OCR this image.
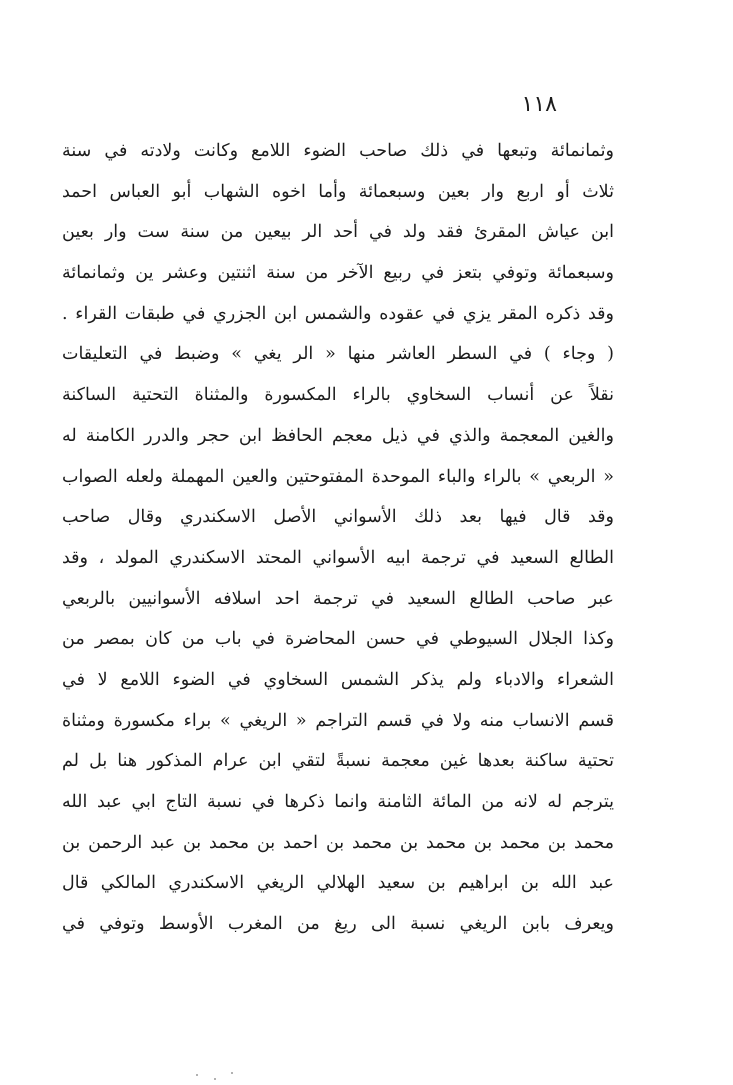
١١٨
وثمانمائة وتبعها في ذلك صاحب الضوء اللامع وكانت ولادته في سنة
ثلاث أو اربع وار بعين وسبعمائة وأما اخوه الشهاب أبو العباس احمد
ابن عياش المقرئ فقد ولد في أحد الر بيعين من سنة ست وار بعين
وسبعمائة وتوفي بتعز في ربيع الآخر من سنة اثنتين وعشر ين وثمانمائة
وقد ذكره المقر يزي في عقوده والشمس ابن الجزري في طبقات القراء .
( وجاء ) في السطر العاشر منها « الر يغي » وضبط في التعليقات
نقلاً عن أنساب السخاوي بالراء المكسورة والمثناة التحتية الساكنة
والغين المعجمة والذي في ذيل معجم الحافظ ابن حجر والدرر الكامنة له
« الربعي » بالراء والباء الموحدة المفتوحتين والعين المهملة ولعله الصواب
وقد قال فيها بعد ذلك الأسواني الأصل الاسكندري وقال صاحب
الطالع السعيد في ترجمة ابيه الأسواني المحتد الاسكندري المولد ، وقد
عبر صاحب الطالع السعيد في ترجمة احد اسلافه الأسوانيين بالربعي
وكذا الجلال السيوطي في حسن المحاضرة في باب من كان بمصر من
الشعراء والادباء ولم يذكر الشمس السخاوي في الضوء اللامع لا في
قسم الانساب منه ولا في قسم التراجم « الريغي » براء مكسورة ومثناة
تحتية ساكنة بعدها غين معجمة نسبةً لتقي ابن عرام المذكور هنا بل لم
يترجم له لانه من المائة الثامنة وانما ذكرها في نسبة التاج ابي عبد الله
محمد بن محمد بن محمد بن محمد بن احمد بن محمد بن عبد الرحمن بن
عبد الله بن ابراهيم بن سعيد الهلالي الريغي الاسكندري المالكي قال
ويعرف بابن الريغي نسبة الى ريغ من المغرب الأوسط وتوفي في
